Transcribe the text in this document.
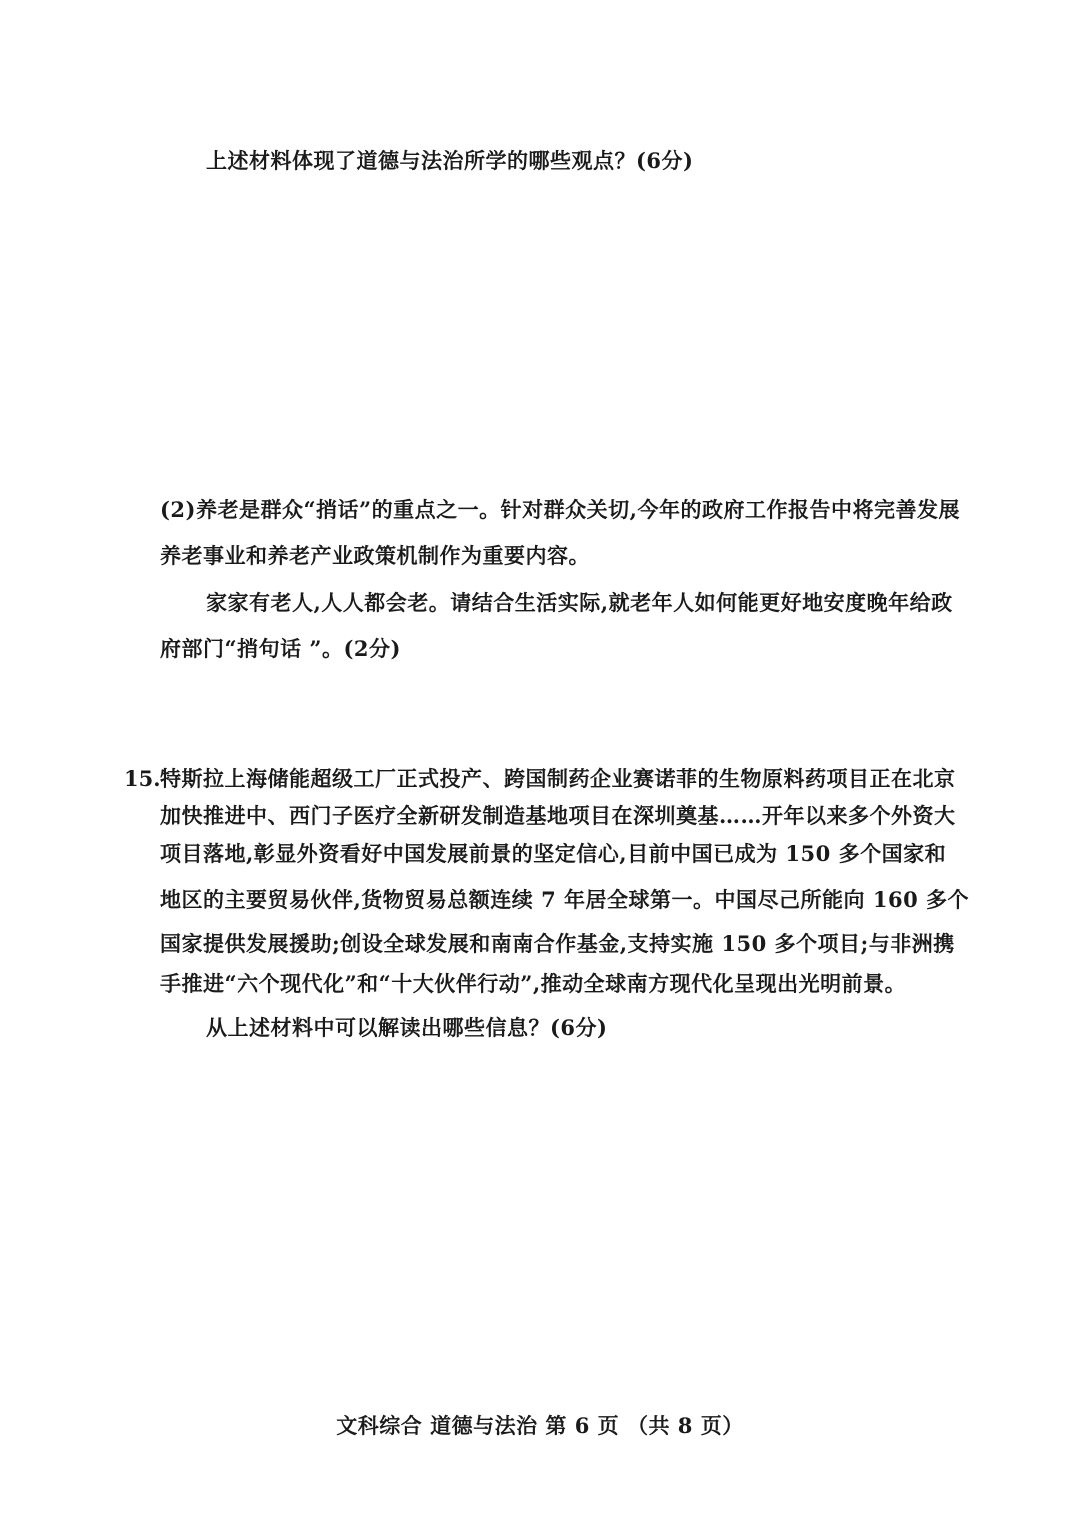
上述材料体现了道德与法治所学的哪些观点？(6分)
(2)养老是群众“捎话”的重点之一。针对群众关切,今年的政府工作报告中将完善发展
养老事业和养老产业政策机制作为重要内容。
家家有老人,人人都会老。请结合生活实际,就老年人如何能更好地安度晚年给政
府部门“捎句话 ”。(2分)
15. 特斯拉上海储能超级工厂正式投产、跨国制药企业赛诺菲的生物原料药项目正在北京
加快推进中、西门子医疗全新研发制造基地项目在深圳奠基……开年以来多个外资大
项目落地,彰显外资看好中国发展前景的坚定信心,目前中国已成为 150 多个国家和
地区的主要贸易伙伴,货物贸易总额连续 7 年居全球第一。中国尽己所能向 160 多个
国家提供发展援助;创设全球发展和南南合作基金,支持实施 150 多个项目;与非洲携
手推进“六个现代化”和“十大伙伴行动”,推动全球南方现代化呈现出光明前景。
从上述材料中可以解读出哪些信息？(6分)
文科综合 道德与法治 第 6 页 （共 8 页）
